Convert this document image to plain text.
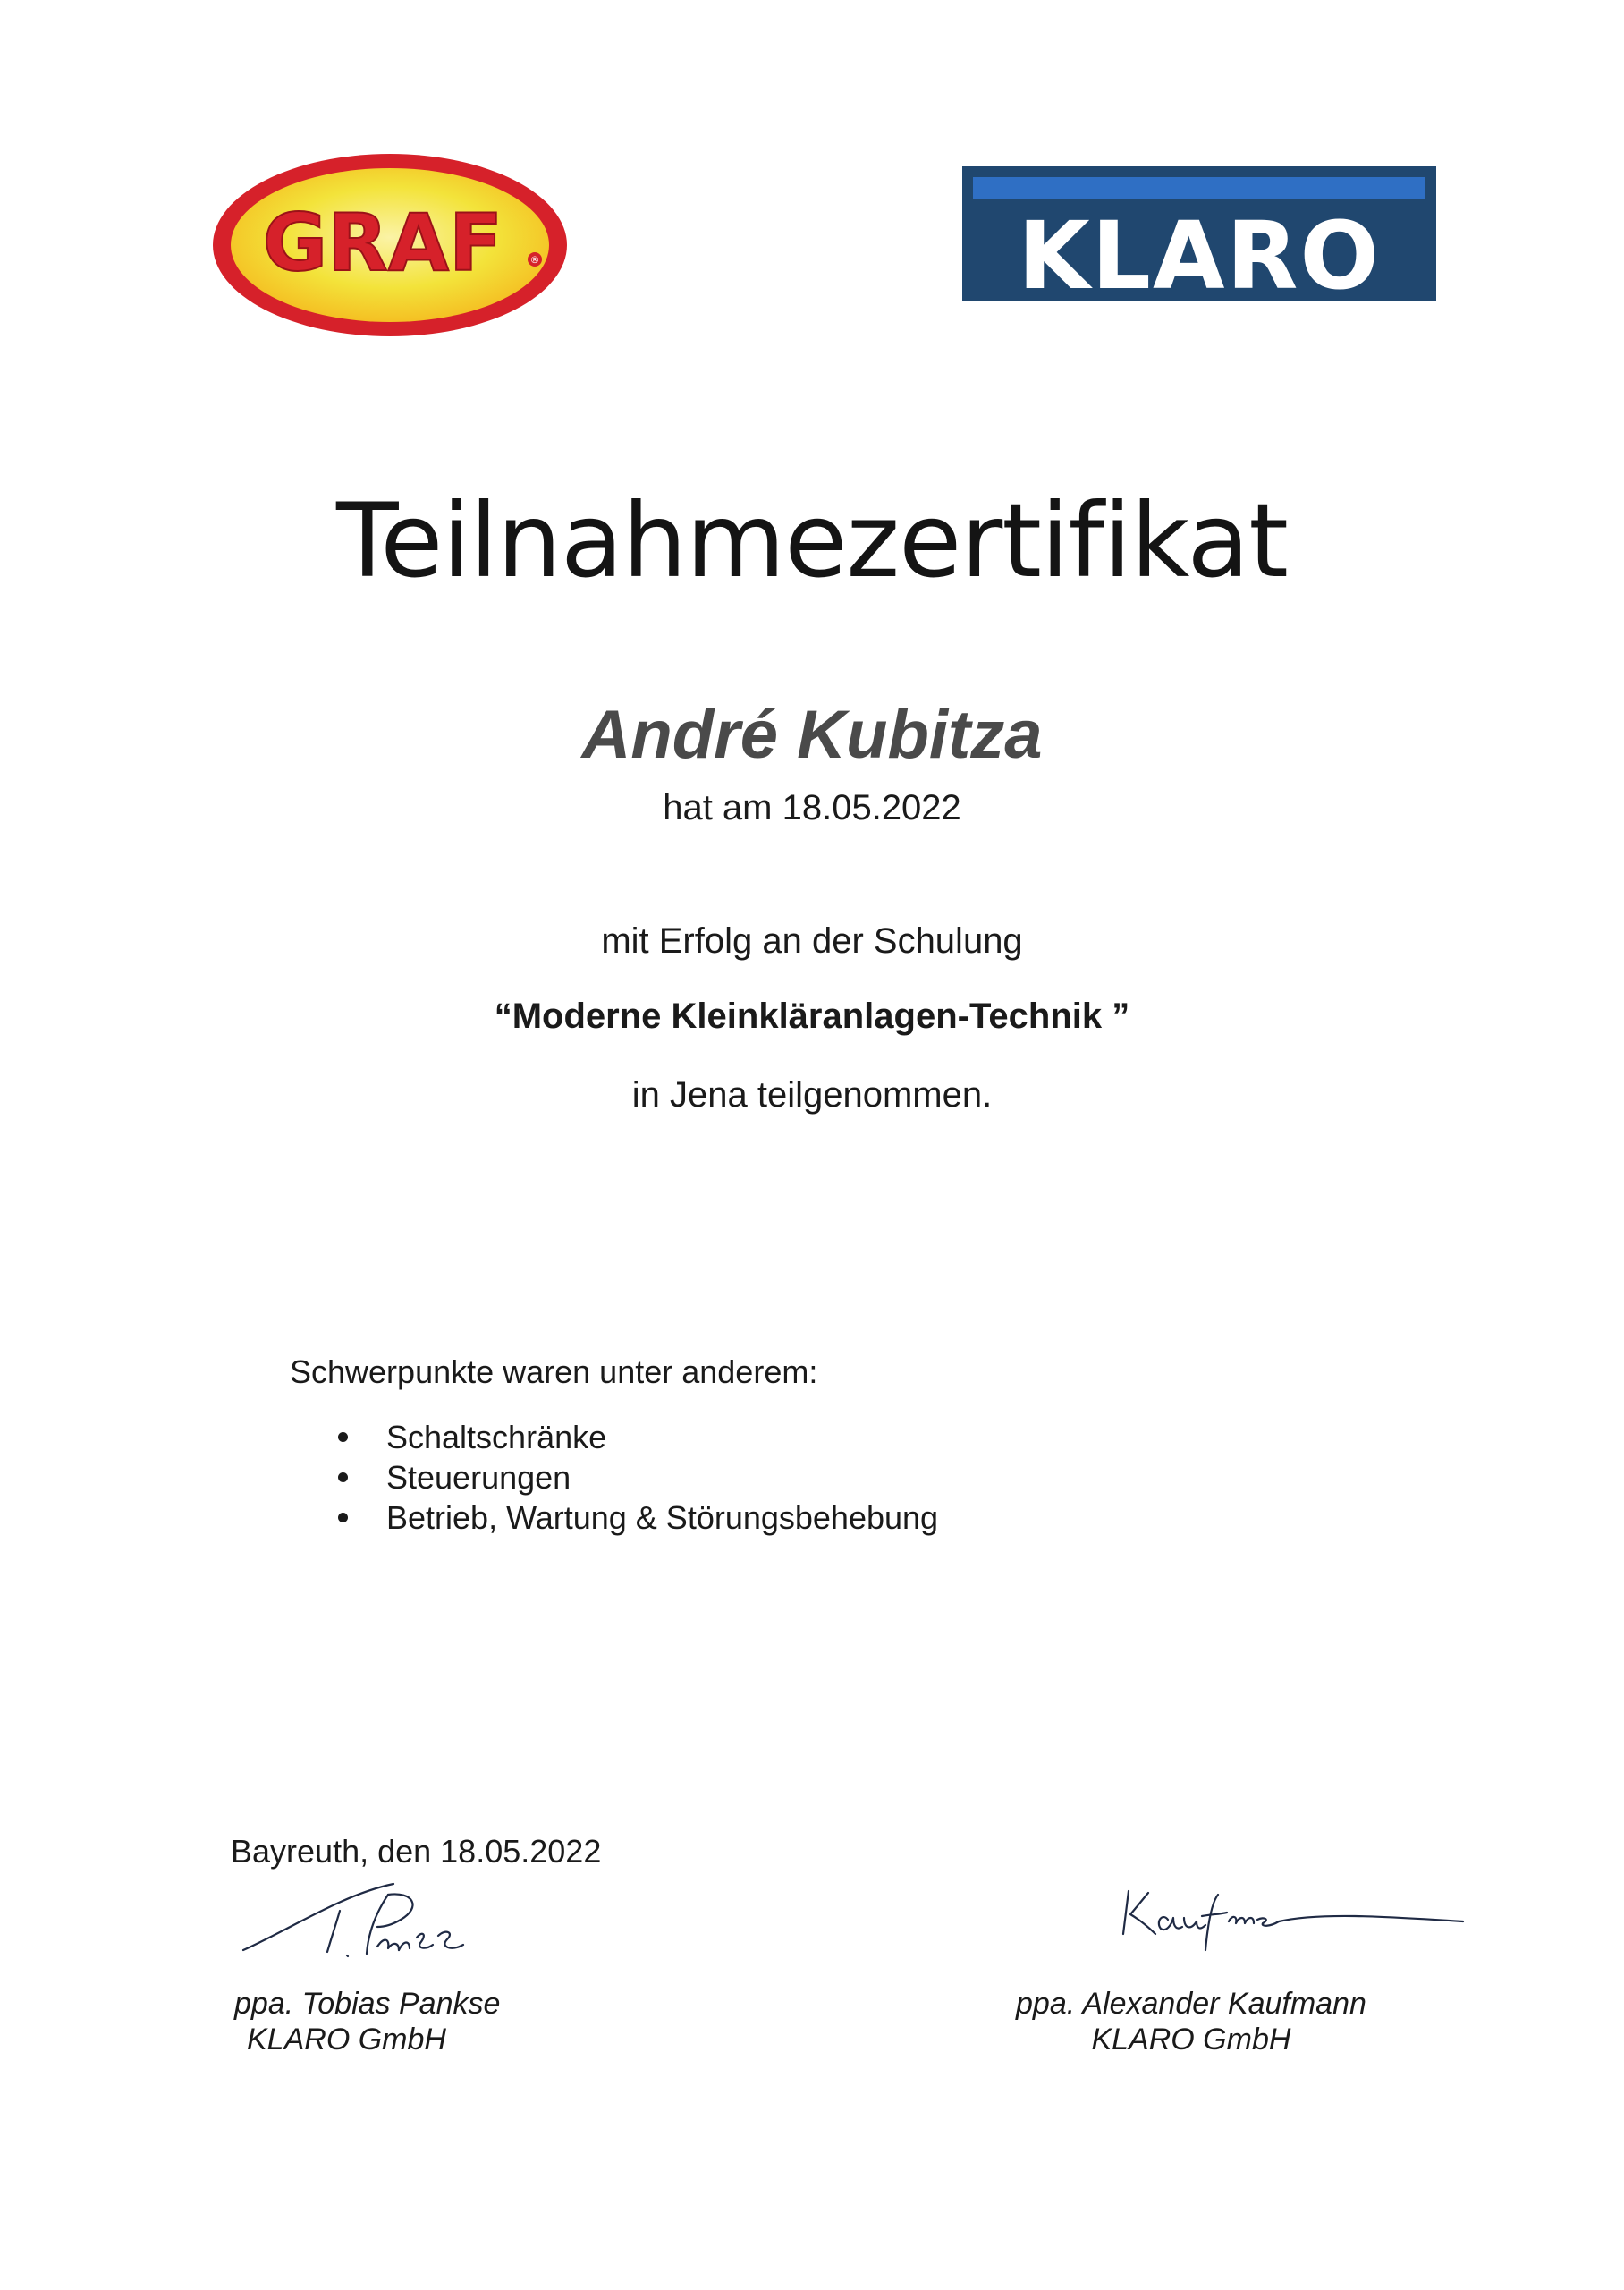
GRAF	®	KLARO
Teilnahmezertifikat
André Kubitza
hat am 18.05.2022
mit Erfolg an der Schulung
“Moderne Kleinkläranlagen-Technik ”
in Jena teilgenommen.
Schwerpunkte waren unter anderem:
Schaltschränke
Steuerungen
Betrieb, Wartung & Störungsbehebung
Bayreuth, den 18.05.2022
ppa. Tobias Pankse
KLARO GmbH
ppa. Alexander Kaufmann
KLARO GmbH
